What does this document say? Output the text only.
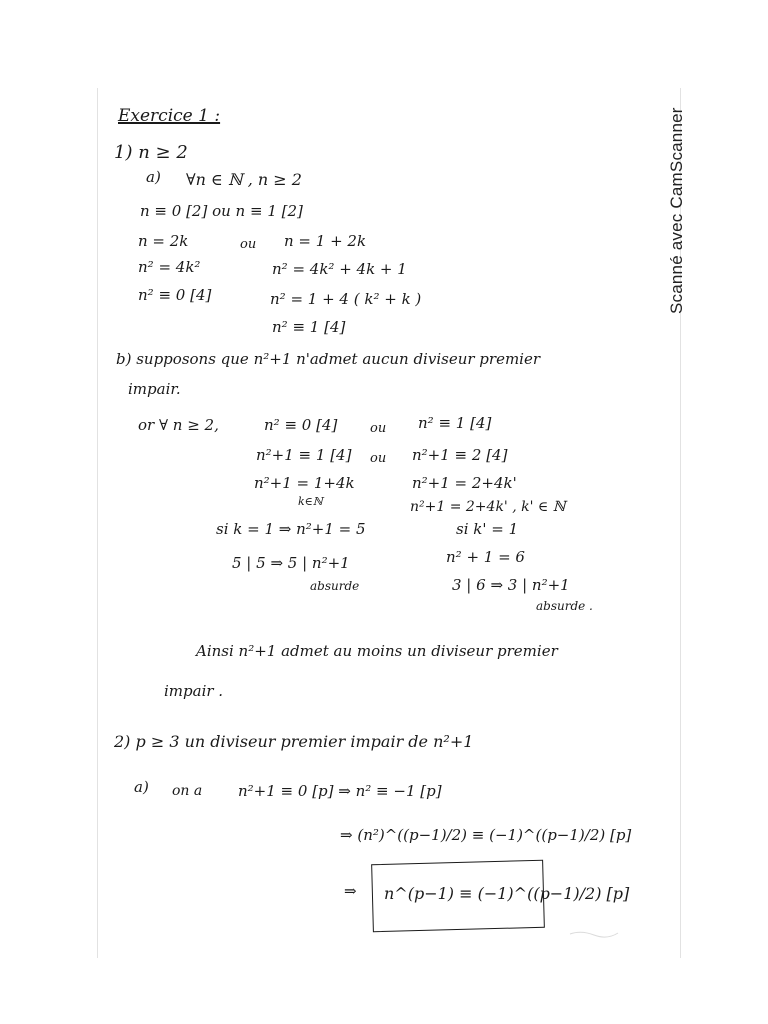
Scanné avec CamScanner
Exercice 1 :
1) n ≥ 2
a) ∀n ∈ ℕ , n ≥ 2
n ≡ 0 [2] ou n ≡ 1 [2]
n = 2k
n² = 4k²
n² ≡ 0 [4]
ou n = 1 + 2k
n² = 4k² + 4k + 1
n² = 1 + 4 ( k² + k )
n² ≡ 1 [4]
b) supposons que n²+1 n'admet aucun diviseur premier
impair.
or ∀ n ≥ 2,	n² ≡ 0 [4]	ou n² ≡ 1 [4]
n²+1 ≡ 1 [4] ou n²+1 ≡ 2 [4]
n²+1 = 1+4k
k∈ℕ
n²+1 = 2+4k'
n²+1 = 2+4k' , k' ∈ ℕ
si k = 1 ⇒ n²+1 = 5	si k' = 1
n² + 1 = 6
5 | 5 ⇒ 5 | n²+1
absurde	3 | 6 ⇒ 3 | n²+1
absurde .
Ainsi n²+1 admet au moins un diviseur premier
impair .
2) p ≥ 3 un diviseur premier impair de n²+1
a) on a n²+1 ≡ 0 [p] ⇒ n² ≡ −1 [p]
⇒ (n²)^((p−1)/2) ≡ (−1)^((p−1)/2) [p]
⇒ n^(p−1) ≡ (−1)^((p−1)/2) [p]
